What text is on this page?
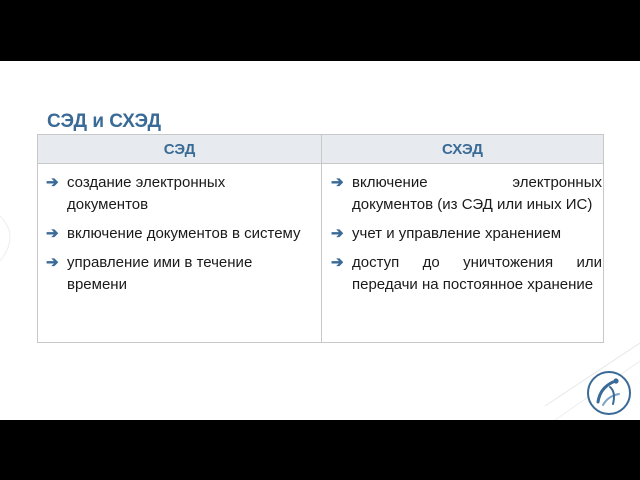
СЭД и СХЭД
СЭД	СХЭД
➔ создание электронных документов
➔ включение документов в систему
➔ управление ими в течение времени
➔ включение электронных документов (из СЭД или иных ИС)
➔ учет и управление хранением
➔ доступ до уничтожения или передачи на постоянное хранение
